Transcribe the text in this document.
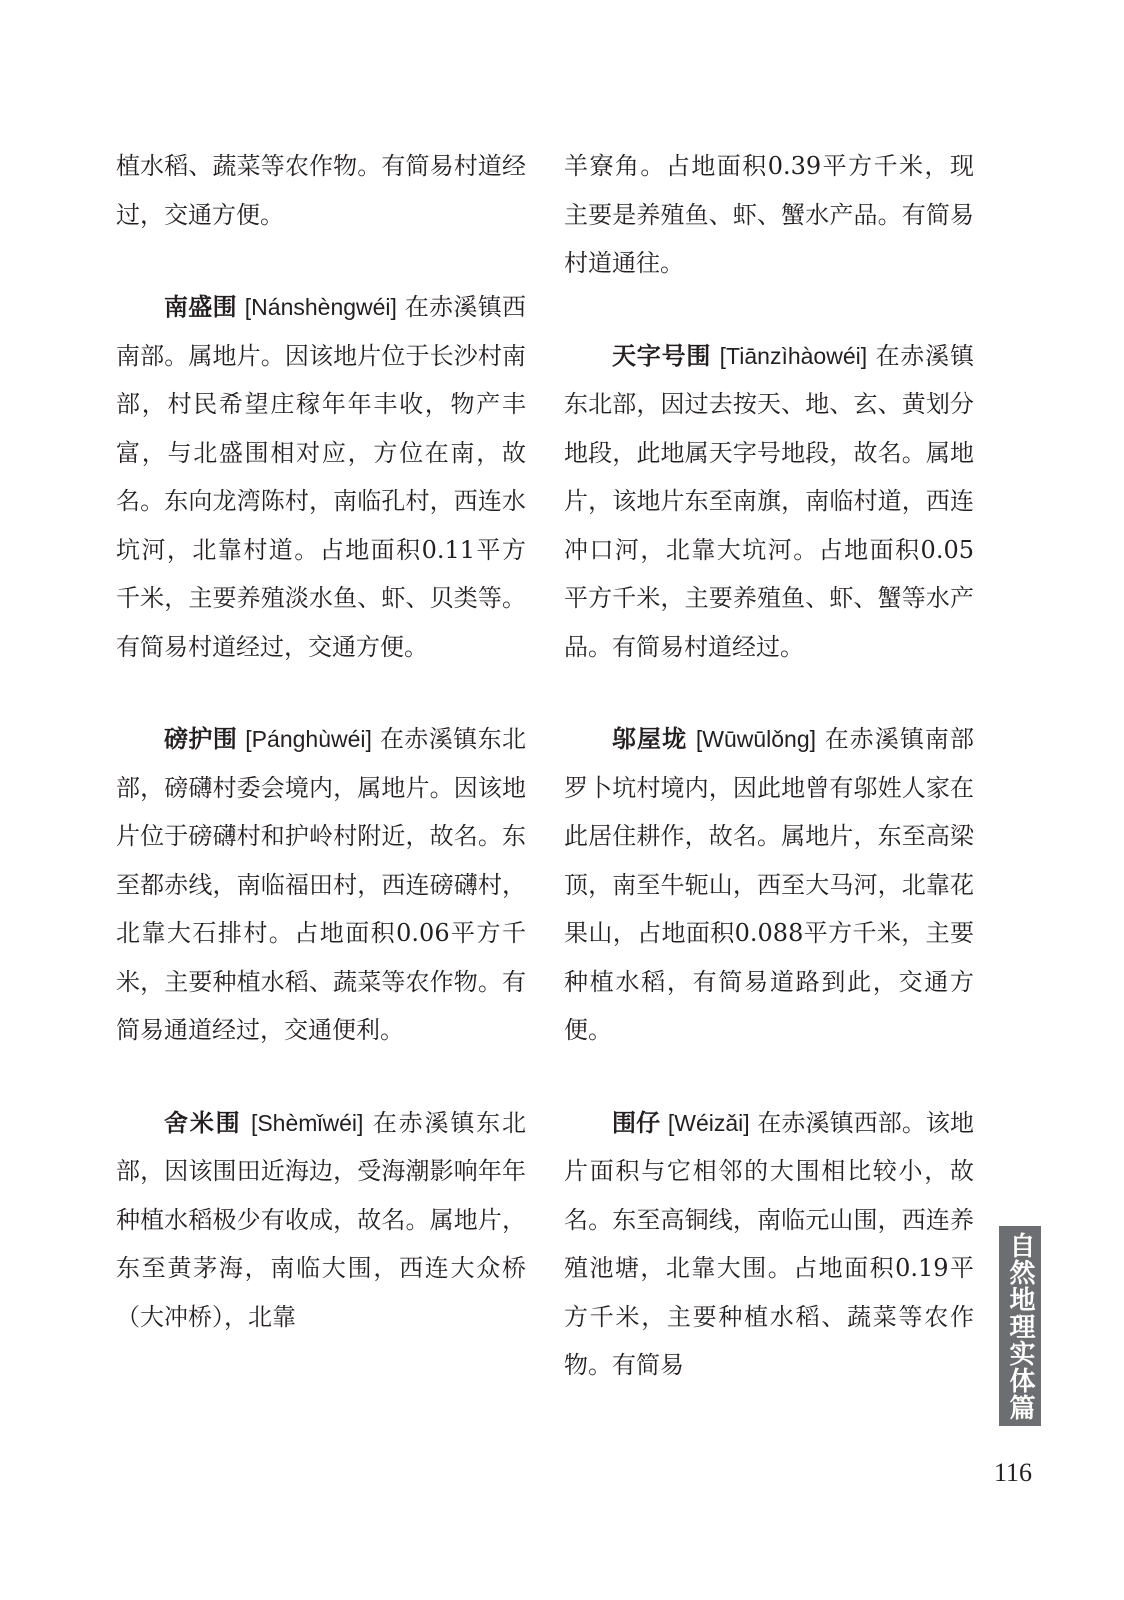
植水稻、蔬菜等农作物。有简易村道经过，交通方便。

南盛围 [Nánshèngwéi] 在赤溪镇西南部。属地片。因该地片位于长沙村南部，村民希望庄稼年年丰收，物产丰富，与北盛围相对应，方位在南，故名。东向龙湾陈村，南临孔村，西连水坑河，北靠村道。占地面积0.11平方千米，主要养殖淡水鱼、虾、贝类等。有简易村道经过，交通方便。

磅护围 [Pánghùwéi] 在赤溪镇东北部，磅礴村委会境内，属地片。因该地片位于磅礴村和护岭村附近，故名。东至都赤线，南临福田村，西连磅礴村，北靠大石排村。占地面积0.06平方千米，主要种植水稻、蔬菜等农作物。有简易通道经过，交通便利。

舍米围 [Shèmǐwéi] 在赤溪镇东北部，因该围田近海边，受海潮影响年年种植水稻极少有收成，故名。属地片，东至黄茅海，南临大围，西连大众桥（大冲桥），北靠

羊寮角。占地面积0.39平方千米，现主要是养殖鱼、虾、蟹水产品。有简易村道通往。

天字号围 [Tiānzìhàowéi] 在赤溪镇东北部，因过去按天、地、玄、黄划分地段，此地属天字号地段，故名。属地片，该地片东至南旗，南临村道，西连冲口河，北靠大坑河。占地面积0.05平方千米，主要养殖鱼、虾、蟹等水产品。有简易村道经过。

邬屋垅 [Wūwūlǒng] 在赤溪镇南部罗卜坑村境内，因此地曾有邬姓人家在此居住耕作，故名。属地片，东至高梁顶，南至牛轭山，西至大马河，北靠花果山，占地面积0.088平方千米，主要种植水稻，有简易道路到此，交通方便。

围仔 [Wéizǎi] 在赤溪镇西部。该地片面积与它相邻的大围相比较小，故名。东至高铜线，南临元山围，西连养殖池塘，北靠大围。占地面积0.19平方千米，主要种植水稻、蔬菜等农作物。有简易	自然地理实体篇
116
